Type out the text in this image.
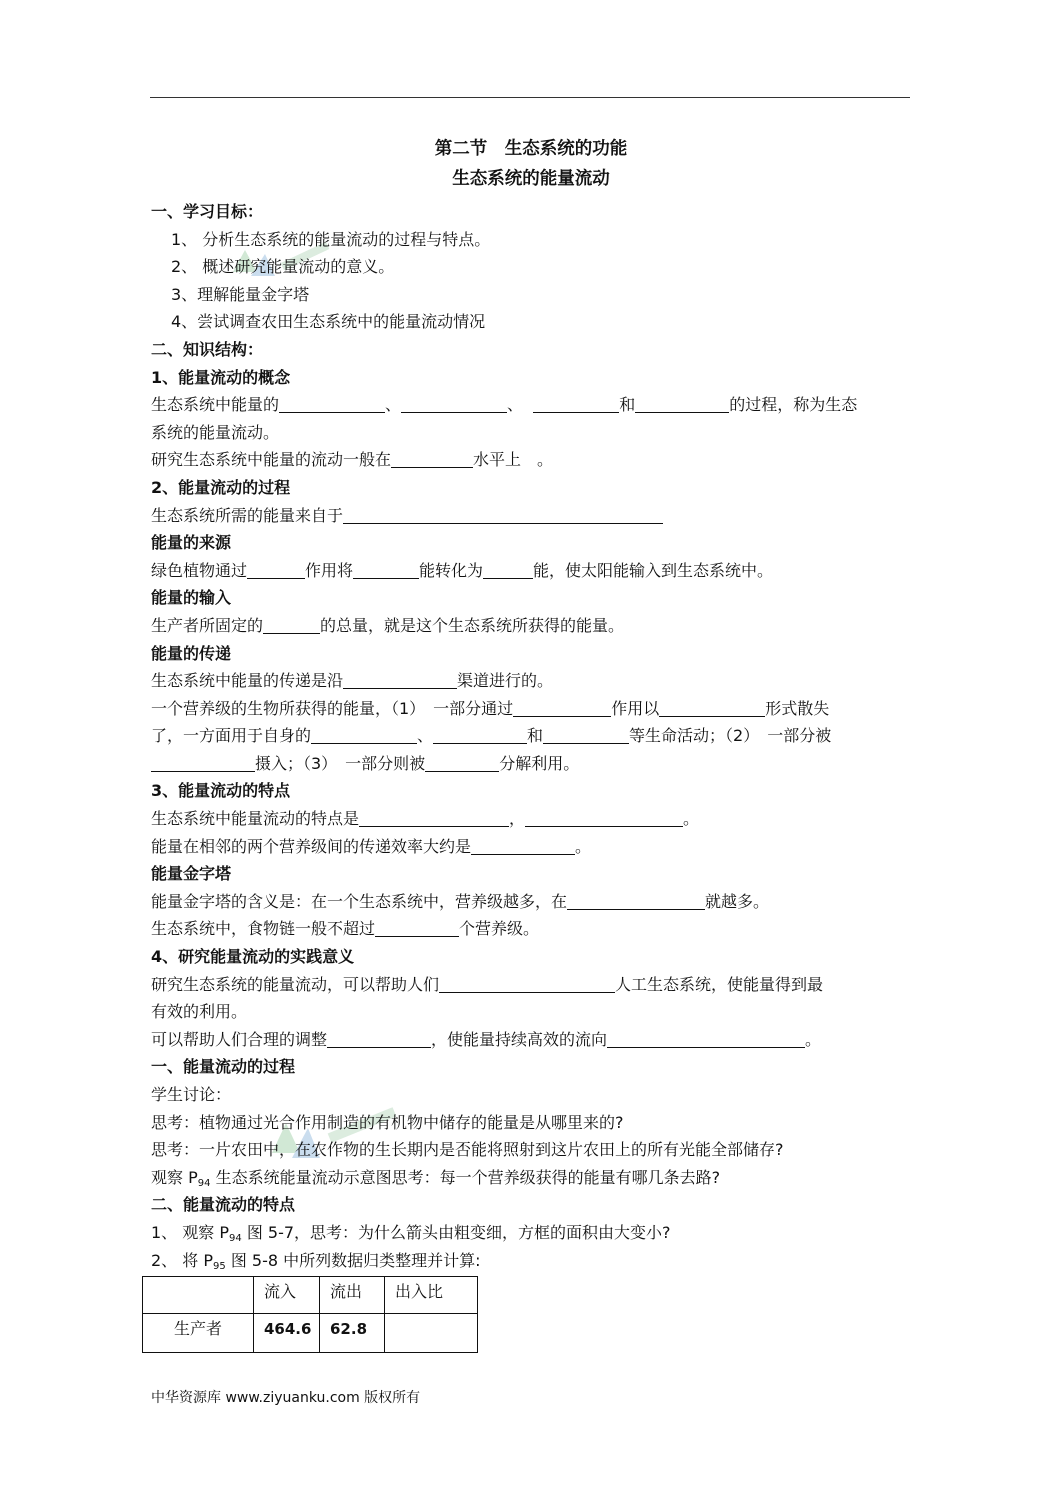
第二节　生态系统的功能
生态系统的能量流动
一、学习目标：
1、 分析生态系统的能量流动的过程与特点。
2、 概述研究能量流动的意义。
3、理解能量金字塔
4、尝试调查农田生态系统中的能量流动情况
二、知识结构：
1、能量流动的概念
生态系统中能量的	、	、	和	的过程，称为生态
系统的能量流动。
研究生态系统中能量的流动一般在	水平上　。
2、能量流动的过程
生态系统所需的能量来自于
能量的来源
绿色植物通过	作用将	能转化为	能，使太阳能输入到生态系统中。
能量的输入
生产者所固定的	的总量，就是这个生态系统所获得的能量。
能量的传递
生态系统中能量的传递是沿	渠道进行的。
一个营养级的生物所获得的能量，（1）　一部分通过	作用以	形式散失
了，一方面用于自身的	、	和	等生命活动；（2）　一部分被
摄入；（3）　一部分则被	分解利用。
3、能量流动的特点
生态系统中能量流动的特点是	，	。
能量在相邻的两个营养级间的传递效率大约是	。
能量金字塔
能量金字塔的含义是：在一个生态系统中，营养级越多，在	就越多。
生态系统中，食物链一般不超过	个营养级。
4、研究能量流动的实践意义
研究生态系统的能量流动，可以帮助人们	人工生态系统，使能量得到最
有效的利用。
可以帮助人们合理的调整	，使能量持续高效的流向	。
一、能量流动的过程
学生讨论：
思考：植物通过光合作用制造的有机物中储存的能量是从哪里来的?
思考：一片农田中，在农作物的生长期内是否能将照射到这片农田上的所有光能全部储存?
观察 $P_{94}$ 生态系统能量流动示意图思考：每一个营养级获得的能量有哪几条去路?
二、能量流动的特点
1、 观察 $P_{94}$ 图 5-7，思考：为什么箭头由粗变细，方框的面积由大变小?
2、 将 $P_{95}$ 图 5-8 中所列数据归类整理并计算:
	流入	流出	出入比
生产者	464.6	62.8	
中华资源库 www.ziyuanku.com 版权所有
